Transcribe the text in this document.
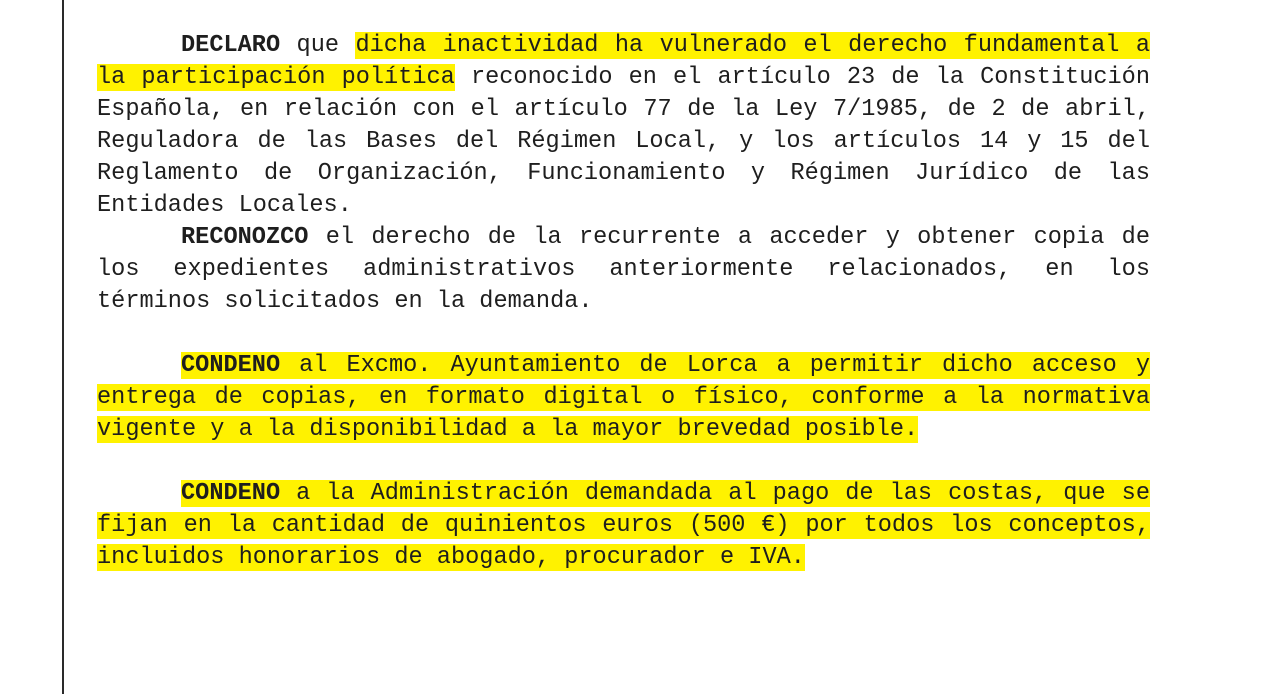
DECLARO que dicha inactividad ha vulnerado el derecho fundamental a la participación política reconocido en el artículo 23 de la Constitución Española, en relación con el artículo 77 de la Ley 7/1985, de 2 de abril, Reguladora de las Bases del Régimen Local, y los artículos 14 y 15 del Reglamento de Organización, Funcionamiento y Régimen Jurídico de las Entidades Locales.

RECONOZCO el derecho de la recurrente a acceder y obtener copia de los expedientes administrativos anteriormente relacionados, en los términos solicitados en la demanda.

CONDENO al Excmo. Ayuntamiento de Lorca a permitir dicho acceso y entrega de copias, en formato digital o físico, conforme a la normativa vigente y a la disponibilidad a la mayor brevedad posible.

CONDENO a la Administración demandada al pago de las costas, que se fijan en la cantidad de quinientos euros (500 €) por todos los conceptos, incluidos honorarios de abogado, procurador e IVA.
